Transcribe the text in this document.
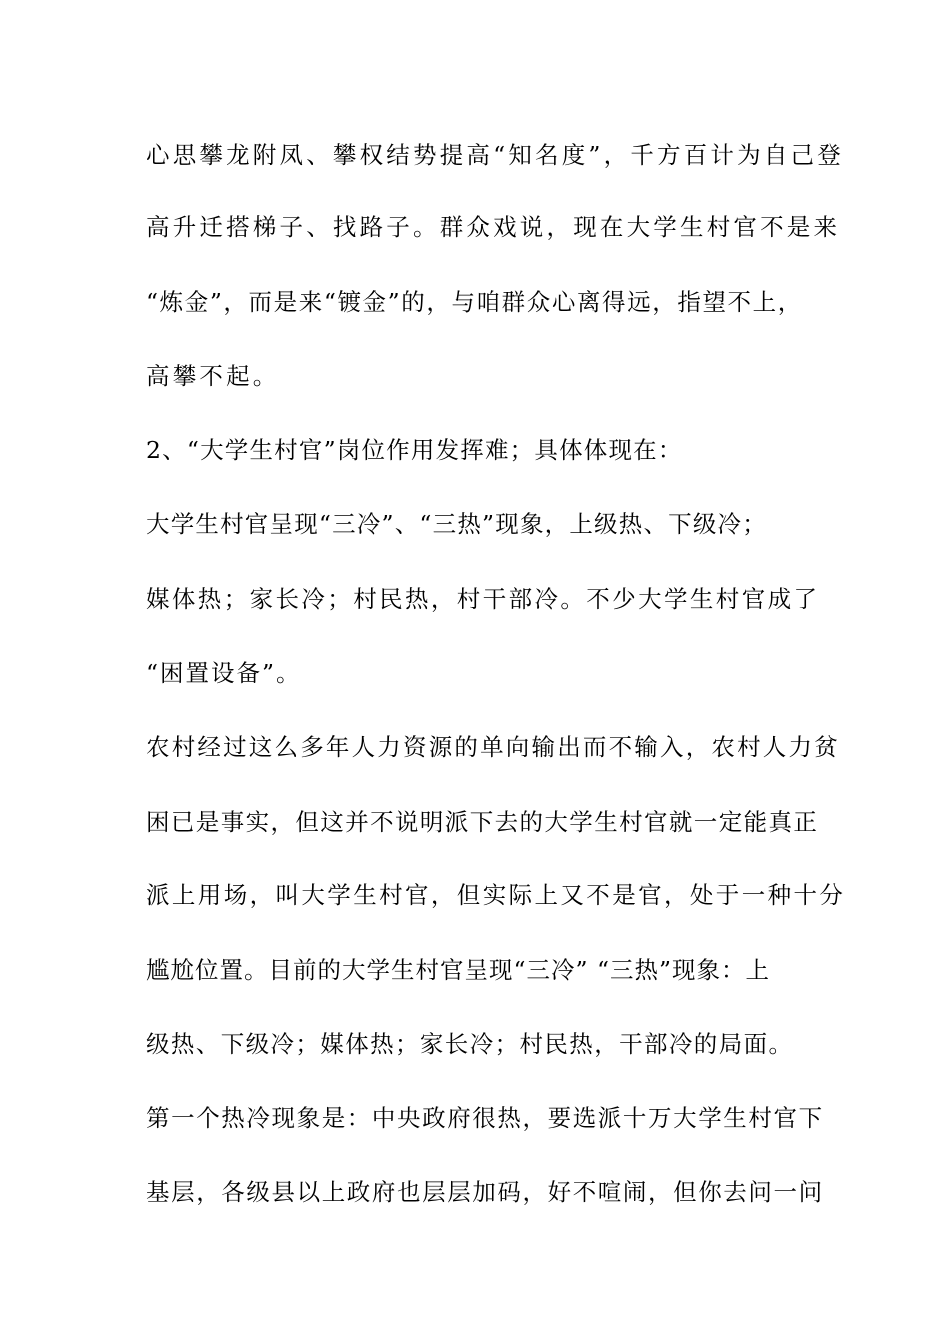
心思攀龙附凤、攀权结势提高“知名度”，千方百计为自己登
高升迁搭梯子、找路子。群众戏说，现在大学生村官不是来
“炼金”，而是来“镀金”的，与咱群众心离得远，指望不上，
高攀不起。
2、“大学生村官”岗位作用发挥难；具体体现在：
大学生村官呈现“三冷”、“三热”现象，上级热、下级冷；
媒体热；家长冷；村民热，村干部冷。不少大学生村官成了
“困置设备”。
农村经过这么多年人力资源的单向输出而不输入，农村人力贫
困已是事实，但这并不说明派下去的大学生村官就一定能真正
派上用场，叫大学生村官，但实际上又不是官，处于一种十分
尴尬位置。目前的大学生村官呈现“三冷” “三热”现象：上
级热、下级冷；媒体热；家长冷；村民热，干部冷的局面。
第一个热冷现象是：中央政府很热，要选派十万大学生村官下
基层，各级县以上政府也层层加码，好不喧闹，但你去问一问
